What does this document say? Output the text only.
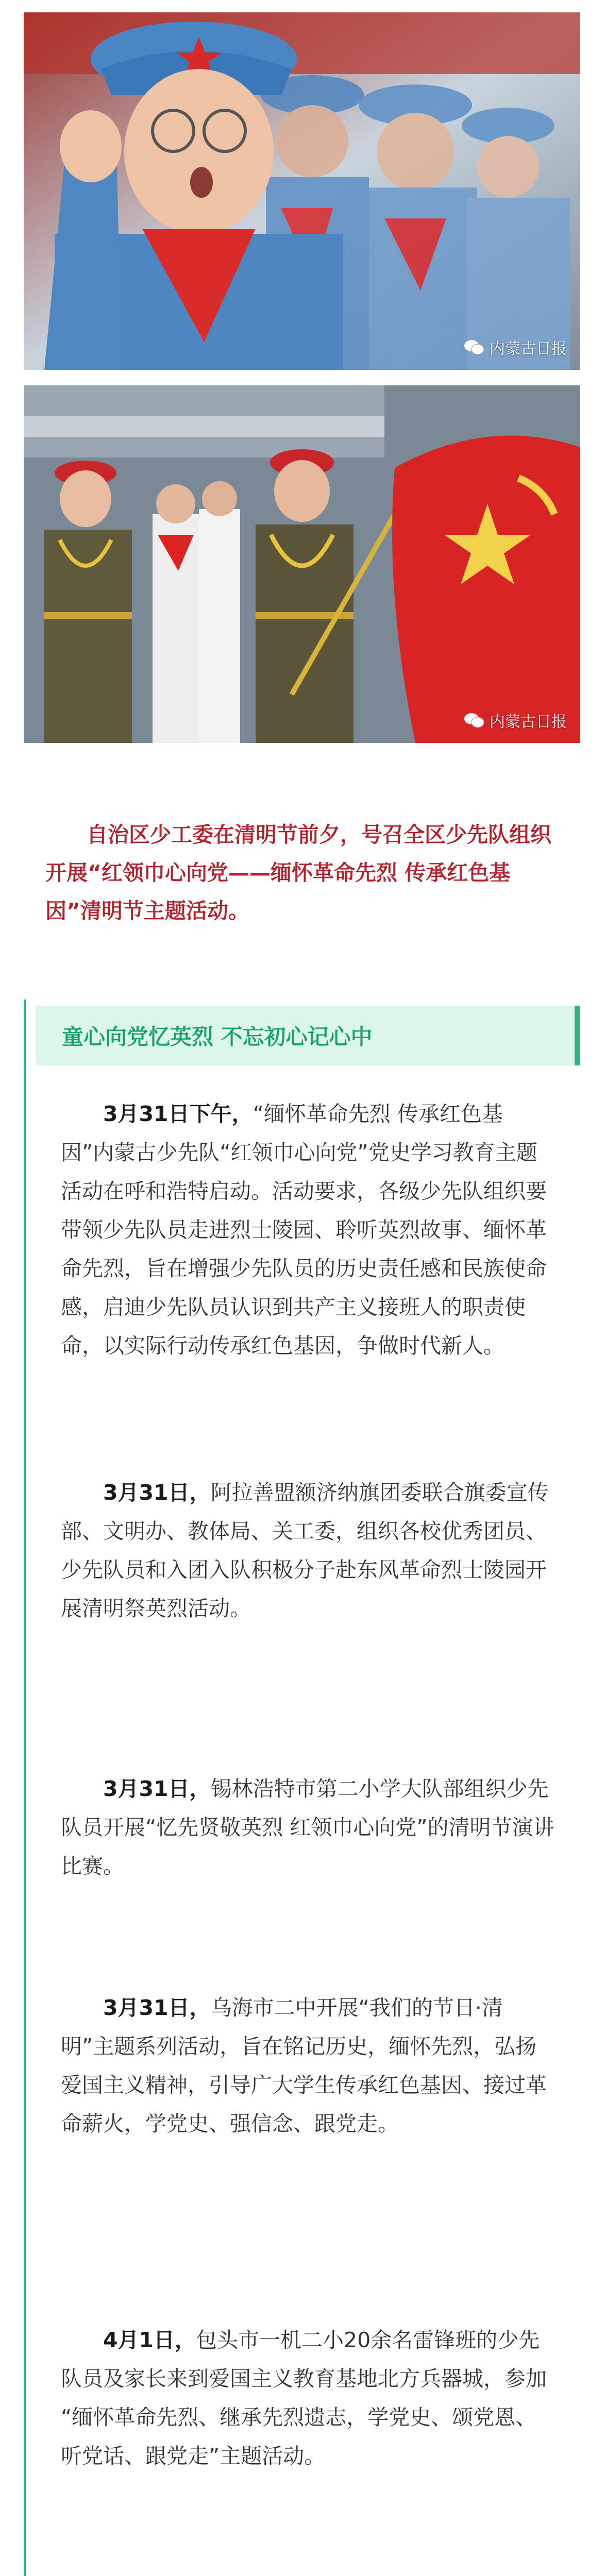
内蒙古日报
内蒙古日报

自治区少工委在清明节前夕，号召全区少先队组织开展“红领巾心向党——缅怀革命先烈 传承红色基因”清明节主题活动。

童心向党忆英烈 不忘初心记心中

3月31日下午，“缅怀革命先烈 传承红色基因”内蒙古少先队“红领巾心向党”党史学习教育主题活动在呼和浩特启动。活动要求，各级少先队组织要带领少先队员走进烈士陵园、聆听英烈故事、缅怀革命先烈，旨在增强少先队员的历史责任感和民族使命感，启迪少先队员认识到共产主义接班人的职责使命，以实际行动传承红色基因，争做时代新人。

3月31日，阿拉善盟额济纳旗团委联合旗委宣传部、文明办、教体局、关工委，组织各校优秀团员、少先队员和入团入队积极分子赴东风革命烈士陵园开展清明祭英烈活动。

3月31日，锡林浩特市第二小学大队部组织少先队员开展“忆先贤敬英烈 红领巾心向党”的清明节演讲比赛。

3月31日，乌海市二中开展“我们的节日·清明”主题系列活动，旨在铭记历史，缅怀先烈，弘扬爱国主义精神，引导广大学生传承红色基因、接过革命薪火，学党史、强信念、跟党走。

4月1日，包头市一机二小20余名雷锋班的少先队员及家长来到爱国主义教育基地北方兵器城，参加 “缅怀革命先烈、继承先烈遗志，学党史、颂党恩、听党话、跟党走”主题活动。
